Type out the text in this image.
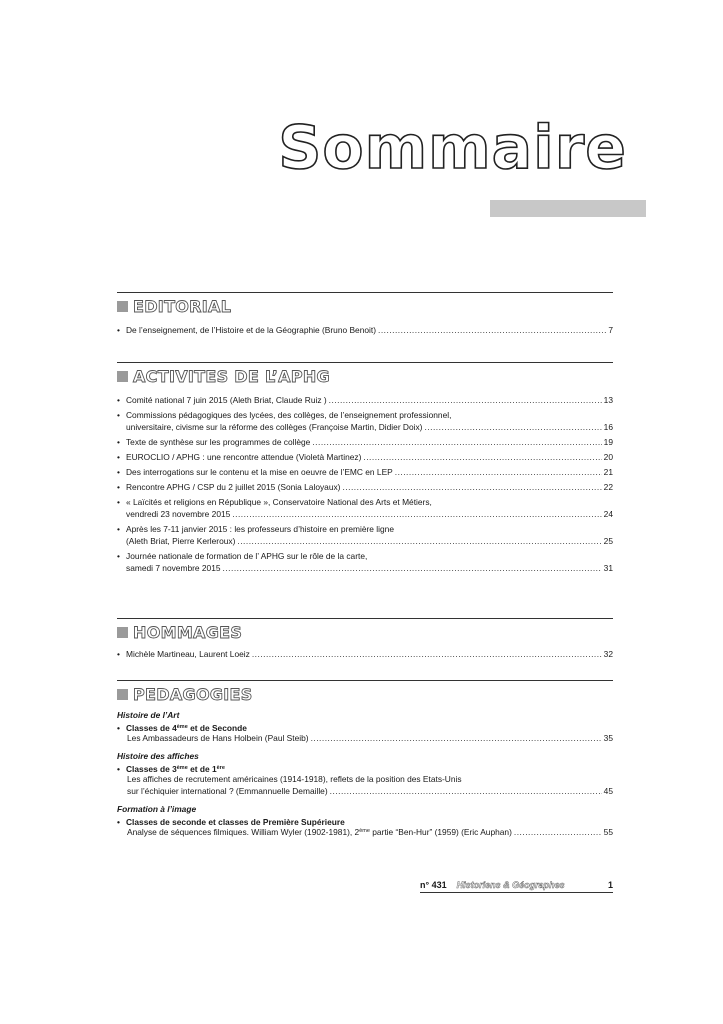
Sommaire
EDITORIAL
• De l’enseignement, de l’Histoire et de la Géographie (Bruno Benoit) .....	7
ACTIVITES DE L’APHG
• Comité national 7 juin 2015 (Aleth Briat, Claude Ruiz ) .....	13
• Commissions pédagogiques des lycées, des collèges, de l’enseignement professionnel,
universitaire, civisme sur la réforme des collèges (Françoise Martin, Didier Doix) .....	16
• Texte de synthèse sur les programmes de collège .....	19
• EUROCLIO / APHG : une rencontre attendue (Violetà Martinez) .....	20
• Des interrogations sur le contenu et la mise en oeuvre de l’EMC en LEP .....	21
• Rencontre APHG / CSP du 2 juillet 2015 (Sonia Laloyaux) .....	22
• « Laïcités et religions en République », Conservatoire National des Arts et Métiers,
vendredi 23 novembre 2015 .....	24
• Après les 7-11 janvier 2015 : les professeurs d’histoire en première ligne
(Aleth Briat, Pierre Kerleroux) .....	25
• Journée nationale de formation de l’ APHG sur le rôle de la carte,
samedi 7 novembre 2015 .....	31
HOMMAGES
• Michèle Martineau, Laurent Loeiz .....	32
PEDAGOGIES
Histoire de l’Art
• Classes de 4ème et de Seconde
Les Ambassadeurs de Hans Holbein (Paul Steib) .....	35
Histoire des affiches
• Classes de 3ème et de 1ère
Les affiches de recrutement américaines (1914-1918), reflets de la position des Etats-Unis
sur l’échiquier international ? (Emmannuelle Demaille) .....	45
Formation à l’image
• Classes de seconde et classes de Première Supérieure
Analyse de séquences filmiques. William Wyler (1902-1981), 2ème partie “Ben-Hur” (1959) (Eric Auphan) .....	55
n° 431 Historiens & Géographes	1
